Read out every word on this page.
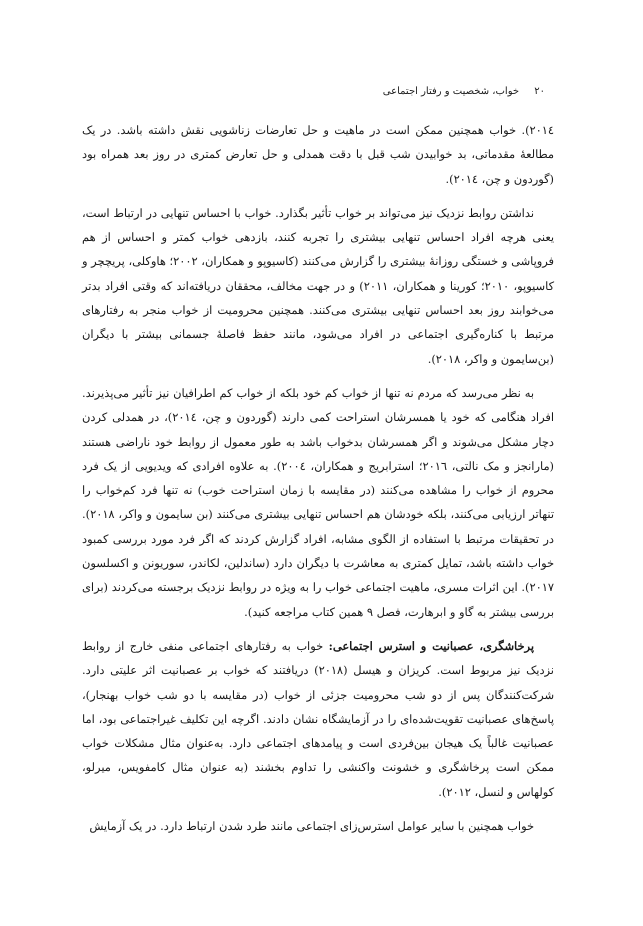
۲۰ خواب، شخصیت و رفتار اجتماعی

۲۰۱٤). خواب همچنین ممکن است در ماهیت و حل تعارضات زناشویی نقش داشته باشد. در یک مطالعهٔ مقدماتی، بد خوابیدن شب قبل با دقت همدلی و حل تعارض کمتری در روز بعد همراه بود (گوردون و چن، ۲۰۱٤).

نداشتن روابط نزدیک نیز می‌تواند بر خواب تأثیر بگذارد. خواب با احساس تنهایی در ارتباط است، یعنی هرچه افراد احساس تنهایی بیشتری را تجربه کنند، بازدهی خواب کمتر و احساس از هم فروپاشی و خستگی روزانهٔ بیشتری را گزارش می‌کنند (کاسیوپو و همکاران، ۲۰۰۲؛ هاوکلی، پریچچر و کاسیوپو، ۲۰۱۰؛ کورینا و همکاران، ۲۰۱۱) و در جهت مخالف، محققان دریافته‌اند که وقتی افراد بدتر می‌خوابند روز بعد احساس تنهایی بیشتری می‌کنند. همچنین محرومیت از خواب منجر به رفتارهای مرتبط با کناره‌گیری اجتماعی در افراد می‌شود، مانند حفظ فاصلهٔ جسمانی بیشتر با دیگران (بن‌سایمون و واکر، ۲۰۱۸).

به نظر می‌رسد که مردم نه تنها از خواب کم خود بلکه از خواب کم اطرافیان نیز تأثیر می‌پذیرند. افراد هنگامی که خود یا همسرشان استراحت کمی دارند (گوردون و چن، ۲۰۱٤)، در همدلی کردن دچار مشکل می‌شوند و اگر همسرشان بدخواب باشد به طور معمول از روابط خود ناراضی هستند (مارانجز و مک نالتی، ۲۰۱٦؛ استرابریج و همکاران، ۲۰۰٤). به علاوه افرادی که ویدیویی از یک فرد محروم از خواب را مشاهده می‌کنند (در مقایسه با زمان استراحت خوب) نه تنها فرد کم‌خواب را تنهاتر ارزیابی می‌کنند، بلکه خودشان هم احساس تنهایی بیشتری می‌کنند (بن سایمون و واکر، ۲۰۱۸). در تحقیقات مرتبط با استفاده از الگوی مشابه، افراد گزارش کردند که اگر فرد مورد بررسی کمبود خواب داشته باشد، تمایل کمتری به معاشرت با دیگران دارد (ساندلین، لکاندر، سوریونن و اکسلسون ۲۰۱۷). این اثرات مسری، ماهیت اجتماعی خواب را به ویژه در روابط نزدیک برجسته می‌کردند (برای بررسی بیشتر به گاو و ابرهارت، فصل ۹ همین کتاب مراجعه کنید).

پرخاشگری، عصبانیت و استرس اجتماعی: خواب به رفتارهای اجتماعی منفی خارج از روابط نزدیک نیز مربوط است. کریزان و هیسل (۲۰۱۸) دریافتند که خواب بر عصبانیت اثر علیتی دارد. شرکت‌کنندگان پس از دو شب محرومیت جزئی از خواب (در مقایسه با دو شب خواب بهنجار)، پاسخ‌های عصبانیت تقویت‌شده‌ای را در آزمایشگاه نشان دادند. اگرچه این تکلیف غیراجتماعی بود، اما عصبانیت غالباً یک هیجان بین‌فردی است و پیامدهای اجتماعی دارد. به‌عنوان مثال مشکلات خواب ممکن است پرخاشگری و خشونت واکنشی را تداوم بخشند (به عنوان مثال کامفویس، میرلو، کولهاس و لنسل، ۲۰۱۲).

خواب همچنین با سایر عوامل استرس‌زای اجتماعی مانند طرد شدن ارتباط دارد. در یک آزمایش
